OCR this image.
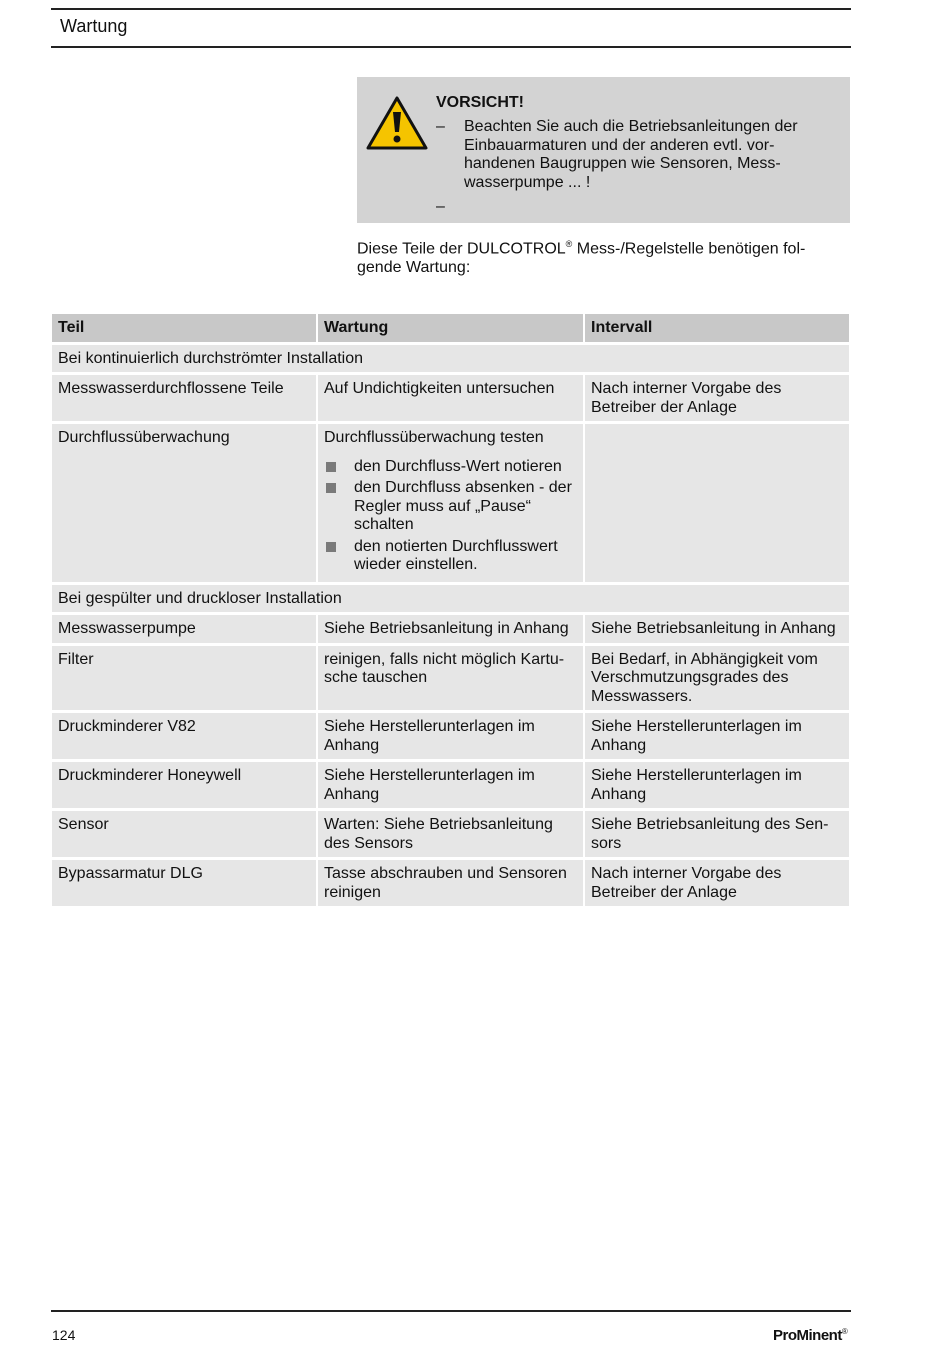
Wartung
VORSICHT!
–	Beachten Sie auch die Betriebsanleitungen der Einbauarmaturen und der anderen evtl. vor- handenen Baugruppen wie Sensoren, Mess- wasserpumpe ... !
–
Diese Teile der DULCOTROL® Mess-/Regelstelle benötigen fol- gende Wartung:
Teil	Wartung	Intervall
Bei kontinuierlich durchströmter Installation		
Messwasserdurchflossene Teile	Auf Undichtigkeiten untersuchen	Nach interner Vorgabe des Betreiber der Anlage
Durchflussüberwachung	Durchflussüberwachung testen
den Durchfluss-Wert notieren
den Durchfluss absenken - der Regler muss auf „Pause“ schalten
den notierten Durchflusswert wieder einstellen.	

Bei gespülter und druckloser Installation		
Messwasserpumpe	Siehe Betriebsanleitung in Anhang	Siehe Betriebsanleitung in Anhang
Filter	reinigen, falls nicht möglich Kartu- sche tauschen	Bei Bedarf, in Abhängigkeit vom Verschmutzungsgrades des Messwassers.
Druckminderer V82	Siehe Herstellerunterlagen im Anhang	Siehe Herstellerunterlagen im Anhang
Druckminderer Honeywell	Siehe Herstellerunterlagen im Anhang	Siehe Herstellerunterlagen im Anhang
Sensor	Warten: Siehe Betriebsanleitung des Sensors	Siehe Betriebsanleitung des Sen- sors
Bypassarmatur DLG	Tasse abschrauben und Sensoren reinigen	Nach interner Vorgabe des Betreiber der Anlage
124	ProMinent®
